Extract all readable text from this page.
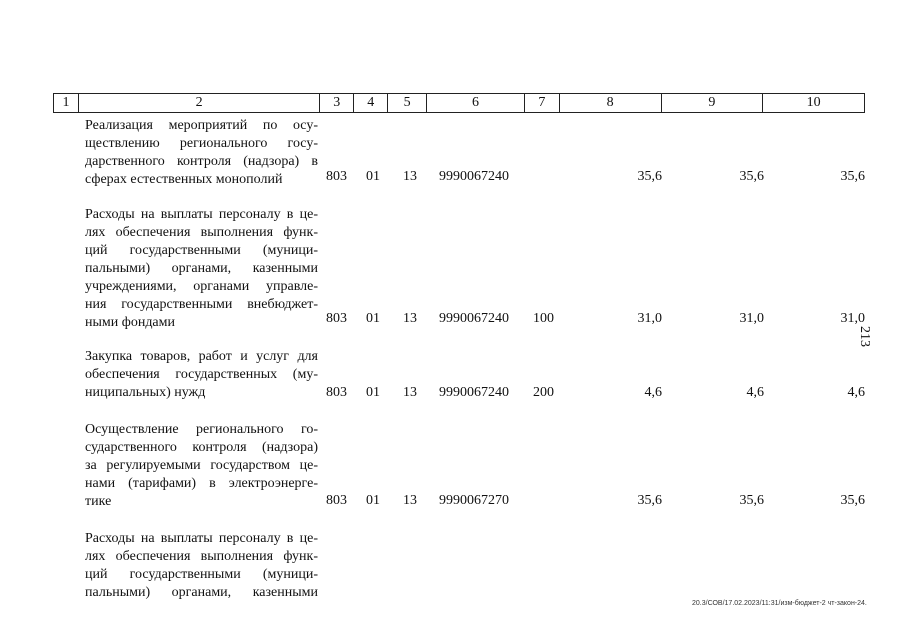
1	2	3	4	5	6	7	8	9	10
Реализация мероприятий по осу-
ществлению регионального госу-
дарственного контроля (надзора) в
сферах естественных монополий	803 01 13 9990067240	35,6	35,6	35,6
Расходы на выплаты персоналу в це-
лях обеспечения выполнения функ-
ций государственными (муници-
пальными) органами, казенными
учреждениями, органами управле-
ния государственными внебюджет-
ными фондами	803 01 13 9990067240 100	31,0	31,0	31,0
Закупка товаров, работ и услуг для
обеспечения государственных (му-
ниципальных) нужд	803 01 13 9990067240 200	4,6	4,6	4,6
Осуществление регионального го-
сударственного контроля (надзора)
за регулируемыми государством це-
нами (тарифами) в электроэнерге-
тике	803 01 13 9990067270	35,6	35,6	35,6
Расходы на выплаты персоналу в це-
лях обеспечения выполнения функ-
ций государственными (муници-
пальными) органами, казенными
213
20.3/СОВ/17.02.2023/11:31/изм-бюджет-2 чт-закон-24.
